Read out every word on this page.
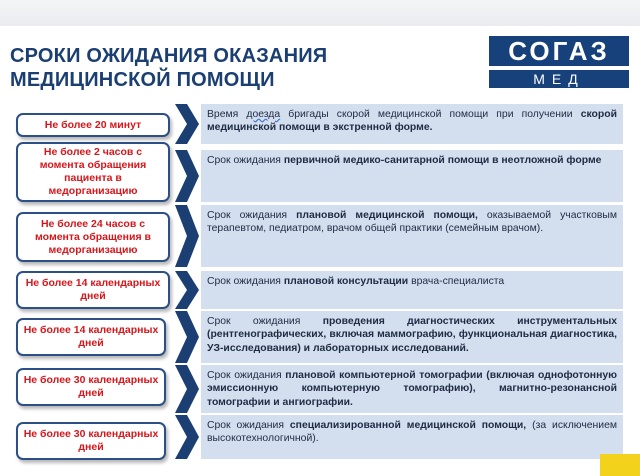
СРОКИ ОЖИДАНИЯ ОКАЗАНИЯ
МЕДИЦИНСКОЙ ПОМОЩИ
СОГАЗ
МЕД
Не более 20 минут
Время доезда бригады скорой медицинской помощи при получении скорой медицинской помощи в экстренной форме.
Не более 2 часов с момента обращения пациента в медорганизацию
Срок ожидания первичной медико-санитарной помощи в неотложной форме
Не более 24 часов с момента обращения в медорганизацию
Срок ожидания плановой медицинской помощи, оказываемой участковым терапевтом, педиатром, врачом общей практики (семейным врачом).
Не более 14 календарных дней
Срок ожидания плановой консультации врача-специалиста
Не более 14 календарных дней
Срок ожидания проведения диагностических инструментальных (рентгенографических, включая маммографию, функциональная диагностика, УЗ-исследования) и лабораторных исследований.
Не более 30 календарных дней
Срок ожидания плановой компьютерной томографии (включая однофотонную эмиссионную компьютерную томографию), магнитно-резонансной томографии и ангиографии.
Не более 30 календарных дней
Срок ожидания специализированной медицинской помощи, (за исключением высокотехнологичной).
